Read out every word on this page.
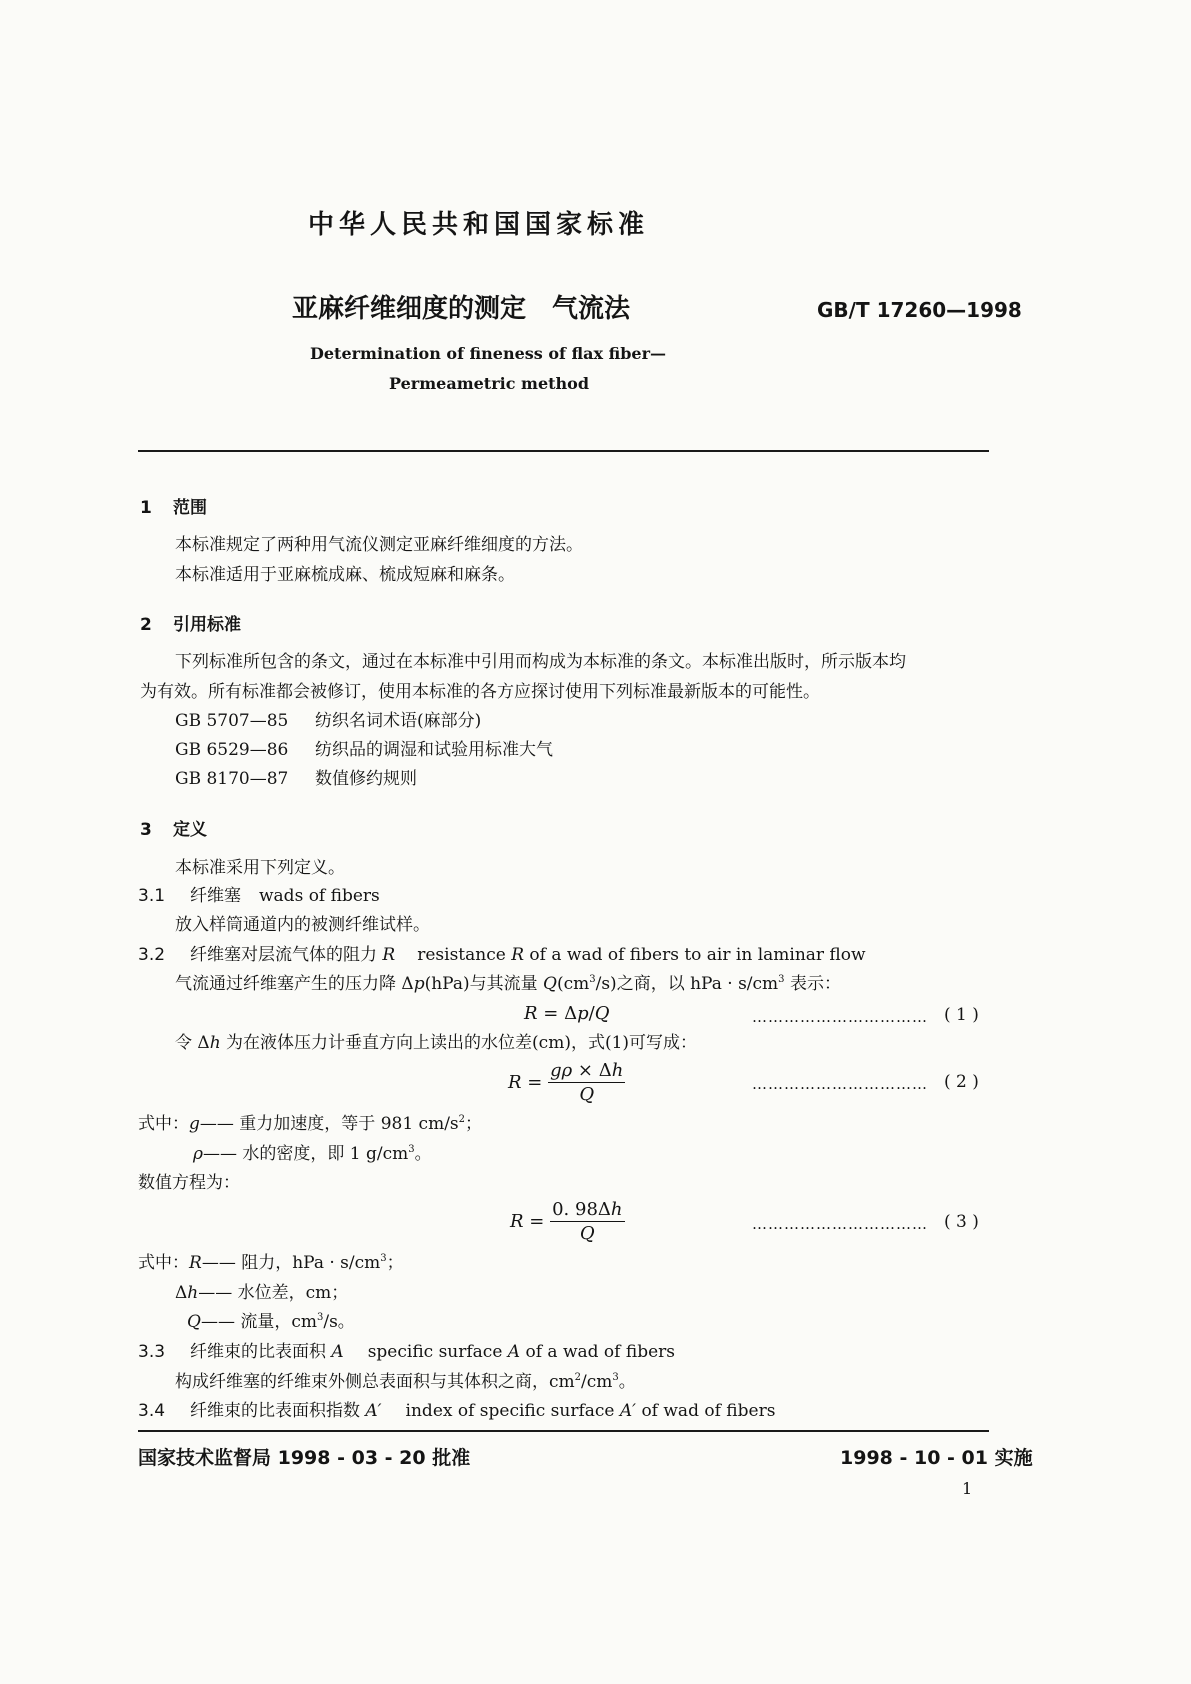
中华人民共和国国家标准
亚麻纤维细度的测定　气流法	GB/T 17260—1998
Determination of fineness of flax fiber—
Permeametric method
1 范围
本标准规定了两种用气流仪测定亚麻纤维细度的方法。
本标准适用于亚麻梳成麻、梳成短麻和麻条。
2 引用标准
下列标准所包含的条文，通过在本标准中引用而构成为本标准的条文。本标准出版时，所示版本均
为有效。所有标准都会被修订，使用本标准的各方应探讨使用下列标准最新版本的可能性。
GB 5707—85 纺织名词术语(麻部分)
GB 6529—86 纺织品的调湿和试验用标准大气
GB 8170—87 数值修约规则
3 定义
本标准采用下列定义。
3.1 纤维塞 wads of fibers
放入样筒通道内的被测纤维试样。
3.2 纤维塞对层流气体的阻力 R resistance R of a wad of fibers to air in laminar flow
气流通过纤维塞产生的压力降 Δp(hPa)与其流量 $Q(cm^3/s)$之商，以 hPa · $s/cm^3$ 表示：
R = Δp/Q	…………………………… ( 1 )
令 Δh 为在液体压力计垂直方向上读出的水位差(cm)，式(1)可写成：
$R = \frac{g\rho \times \Delta h}{Q}$	…………………………… ( 2 )
式中：g—— 重力加速度，等于 981 $cm/s^2$；
ρ—— 水的密度，即 1 $g/cm^3$。
数值方程为：
$R = \frac{0. 98\Delta h}{Q}$	…………………………… ( 3 )
式中：R—— 阻力，hPa · $s/cm^3$；
Δh—— 水位差，cm；
Q—— 流量，$cm^3/s$。
3.3 纤维束的比表面积 A specific surface A of a wad of fibers
构成纤维塞的纤维束外侧总表面积与其体积之商，$cm^2/cm^3$。
3.4 纤维束的比表面积指数 A′ index of specific surface A′ of wad of fibers
国家技术监督局 1998 - 03 - 20 批准	1998 - 10 - 01 实施
1
